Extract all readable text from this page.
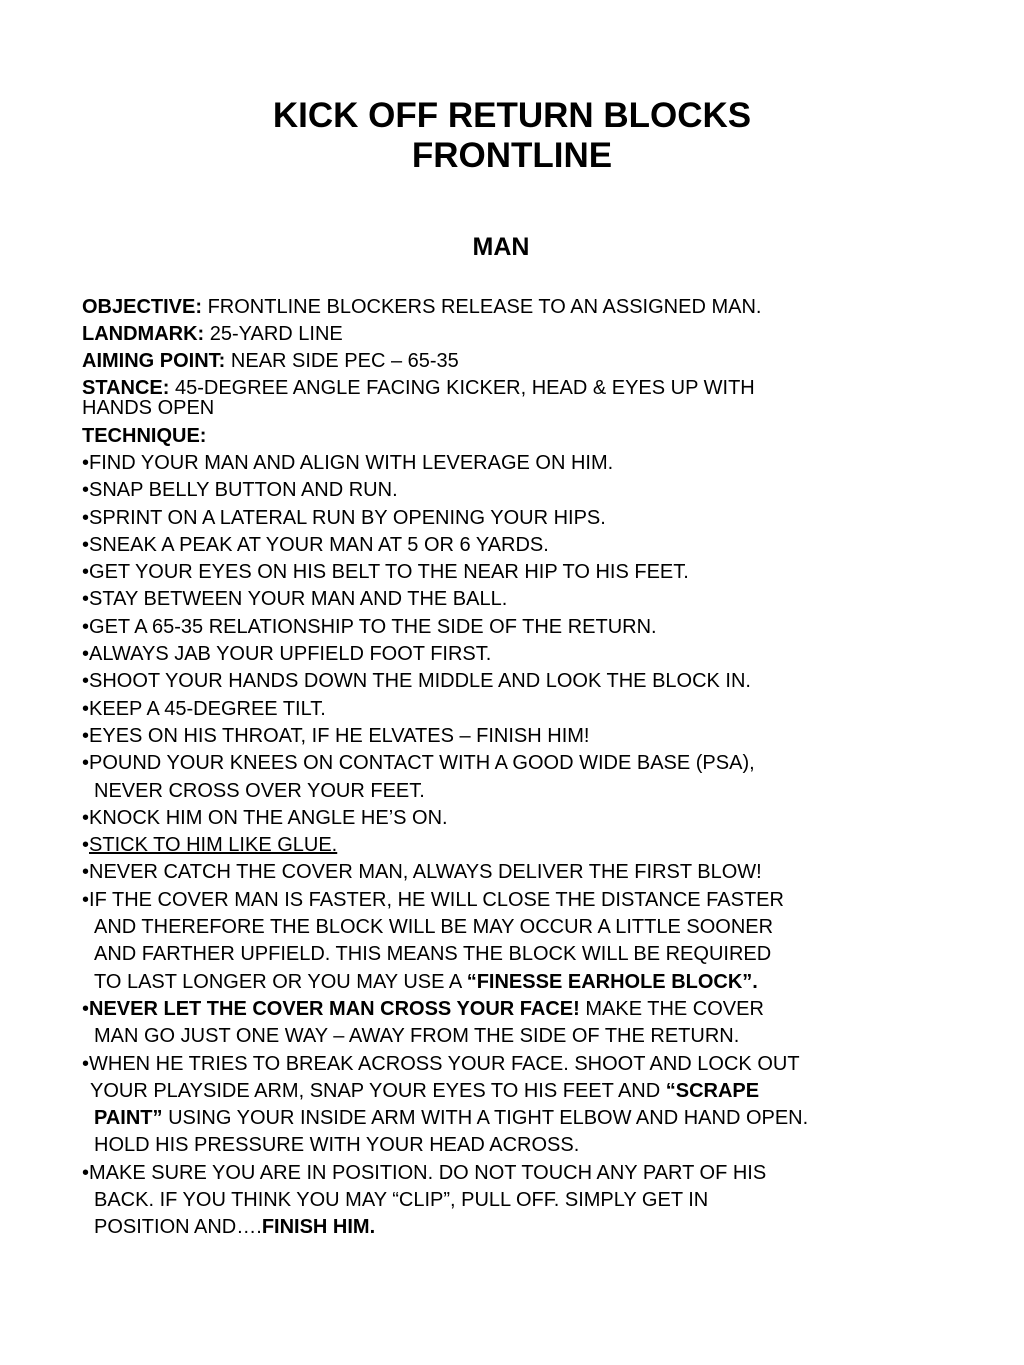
KICK OFF RETURN BLOCKS
FRONTLINE
MAN

OBJECTIVE: FRONTLINE BLOCKERS RELEASE TO AN ASSIGNED MAN.

LANDMARK: 25-YARD LINE

AIMING POINT: NEAR SIDE PEC – 65-35

STANCE: 45-DEGREE ANGLE FACING KICKER, HEAD & EYES UP WITH
HANDS OPEN

TECHNIQUE:

•FIND YOUR MAN AND ALIGN WITH LEVERAGE ON HIM.
•SNAP BELLY BUTTON AND RUN.
•SPRINT ON A LATERAL RUN BY OPENING YOUR HIPS.
•SNEAK A PEAK AT YOUR MAN AT 5 OR 6 YARDS.
•GET YOUR EYES ON HIS BELT TO THE NEAR HIP TO HIS FEET.
•STAY BETWEEN YOUR MAN AND THE BALL.
•GET A 65-35 RELATIONSHIP TO THE SIDE OF THE RETURN.
•ALWAYS JAB YOUR UPFIELD FOOT FIRST.
•SHOOT YOUR HANDS DOWN THE MIDDLE AND LOOK THE BLOCK IN.
•KEEP A 45-DEGREE TILT.
•EYES ON HIS THROAT, IF HE ELVATES – FINISH HIM!
•POUND YOUR KNEES ON CONTACT WITH A GOOD WIDE BASE (PSA),
NEVER CROSS OVER YOUR FEET.
•KNOCK HIM ON THE ANGLE HE’S ON.
•STICK TO HIM LIKE GLUE.
•NEVER CATCH THE COVER MAN, ALWAYS DELIVER THE FIRST BLOW!
•IF THE COVER MAN IS FASTER, HE WILL CLOSE THE DISTANCE FASTER
AND THEREFORE THE BLOCK WILL BE MAY OCCUR A LITTLE SOONER
AND FARTHER UPFIELD. THIS MEANS THE BLOCK WILL BE REQUIRED
TO LAST LONGER OR YOU MAY USE A “FINESSE EARHOLE BLOCK”.
•NEVER LET THE COVER MAN CROSS YOUR FACE! MAKE THE COVER
MAN GO JUST ONE WAY – AWAY FROM THE SIDE OF THE RETURN.
•WHEN HE TRIES TO BREAK ACROSS YOUR FACE. SHOOT AND LOCK OUT
YOUR PLAYSIDE ARM, SNAP YOUR EYES TO HIS FEET AND “SCRAPE
PAINT” USING YOUR INSIDE ARM WITH A TIGHT ELBOW AND HAND OPEN.
HOLD HIS PRESSURE WITH YOUR HEAD ACROSS.
•MAKE SURE YOU ARE IN POSITION. DO NOT TOUCH ANY PART OF HIS
BACK. IF YOU THINK YOU MAY “CLIP”, PULL OFF. SIMPLY GET IN
POSITION AND….FINISH HIM.
